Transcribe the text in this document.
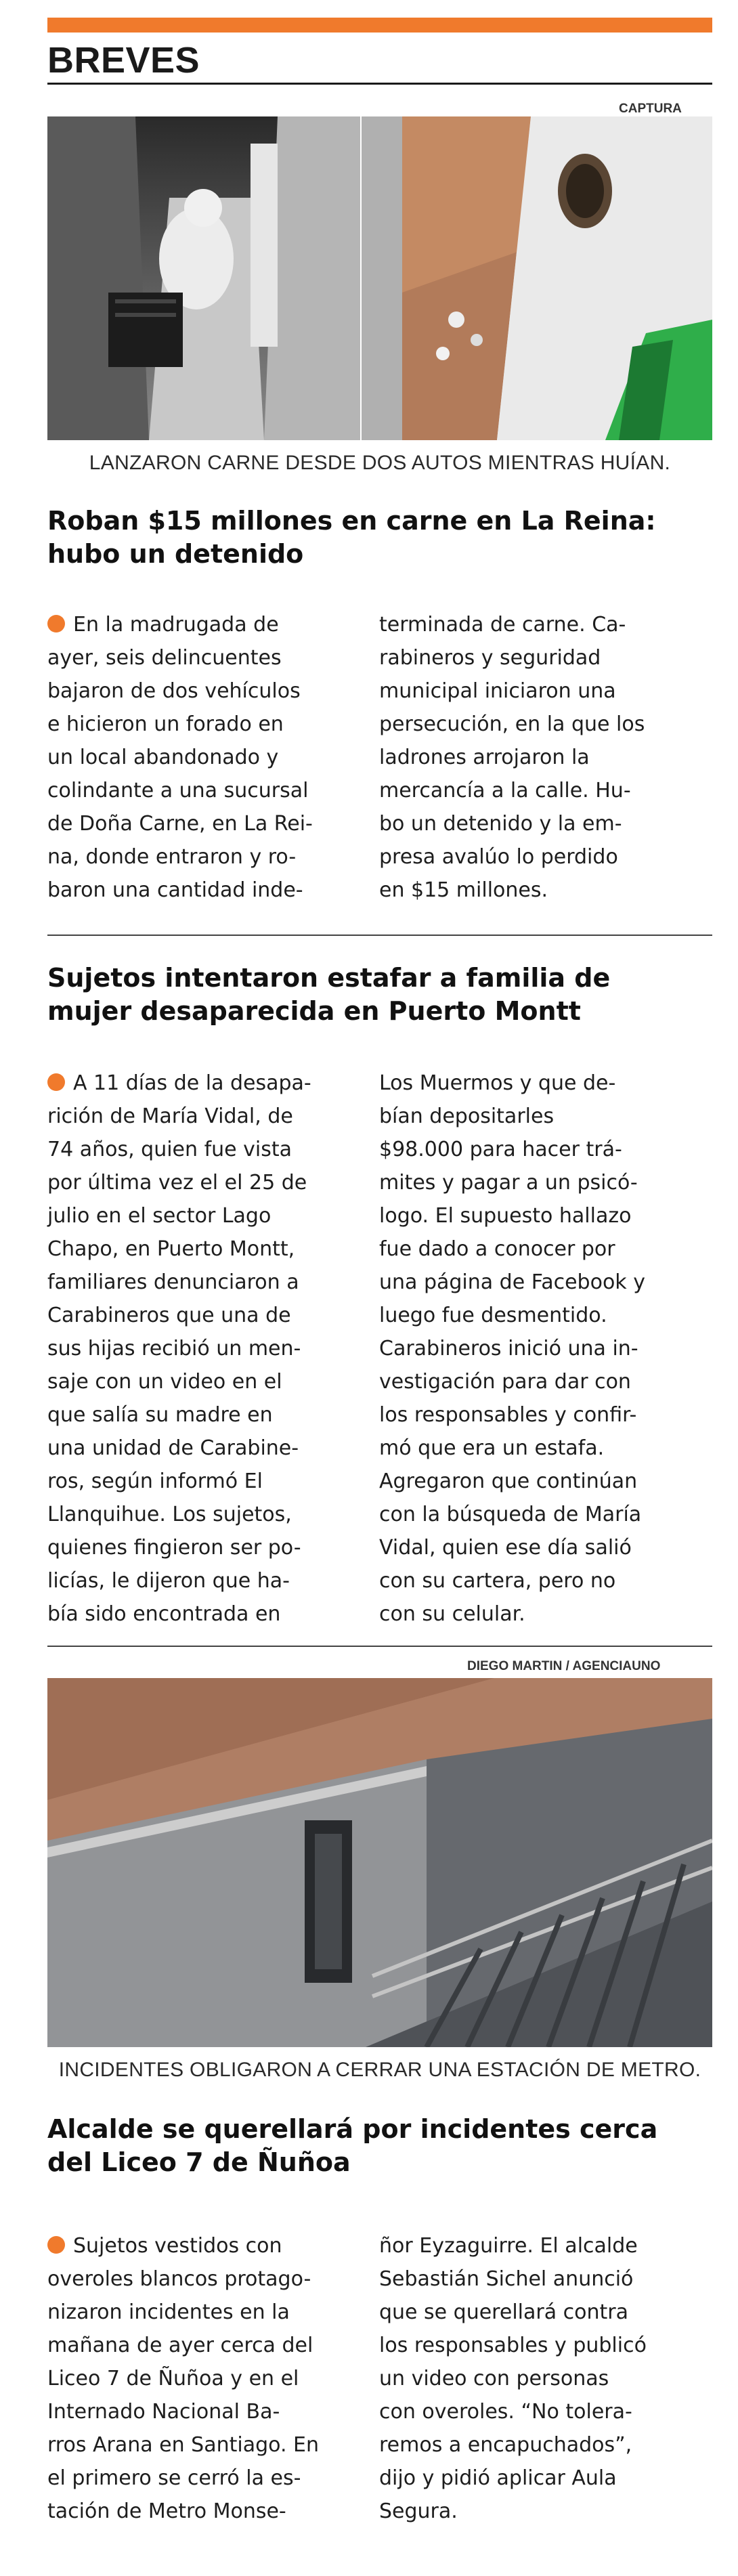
BREVES
CAPTURA
LANZARON CARNE DESDE DOS AUTOS MIENTRAS HUÍAN.
Roban $15 millones en carne en La Reina:
hubo un detenido
En la madrugada de
ayer, seis delincuentes
bajaron de dos vehículos
e hicieron un forado en
un local abandonado y
colindante a una sucursal
de Doña Carne, en La Rei-
na, donde entraron y ro-
baron una cantidad inde-
terminada de carne. Ca-
rabineros y seguridad
municipal iniciaron una
persecución, en la que los
ladrones arrojaron la
mercancía a la calle. Hu-
bo un detenido y la em-
presa avalúo lo perdido
en $15 millones.
Sujetos intentaron estafar a familia de
mujer desaparecida en Puerto Montt
A 11 días de la desapa-
rición de María Vidal, de
74 años, quien fue vista
por última vez el el 25 de
julio en el sector Lago
Chapo, en Puerto Montt,
familiares denunciaron a
Carabineros que una de
sus hijas recibió un men-
saje con un video en el
que salía su madre en
una unidad de Carabine-
ros, según informó El
Llanquihue. Los sujetos,
quienes fingieron ser po-
licías, le dijeron que ha-
bía sido encontrada en
Los Muermos y que de-
bían depositarles
$98.000 para hacer trá-
mites y pagar a un psicó-
logo. El supuesto hallazo
fue dado a conocer por
una página de Facebook y
luego fue desmentido.
Carabineros inició una in-
vestigación para dar con
los responsables y confir-
mó que era un estafa.
Agregaron que continúan
con la búsqueda de María
Vidal, quien ese día salió
con su cartera, pero no
con su celular.
DIEGO MARTIN / AGENCIAUNO
INCIDENTES OBLIGARON A CERRAR UNA ESTACIÓN DE METRO.
Alcalde se querellará por incidentes cerca
del Liceo 7 de Ñuñoa
Sujetos vestidos con
overoles blancos protago-
nizaron incidentes en la
mañana de ayer cerca del
Liceo 7 de Ñuñoa y en el
Internado Nacional Ba-
rros Arana en Santiago. En
el primero se cerró la es-
tación de Metro Monse-
ñor Eyzaguirre. El alcalde
Sebastián Sichel anunció
que se querellará contra
los responsables y publicó
un video con personas
con overoles. “No tolera-
remos a encapuchados”,
dijo y pidió aplicar Aula
Segura.
